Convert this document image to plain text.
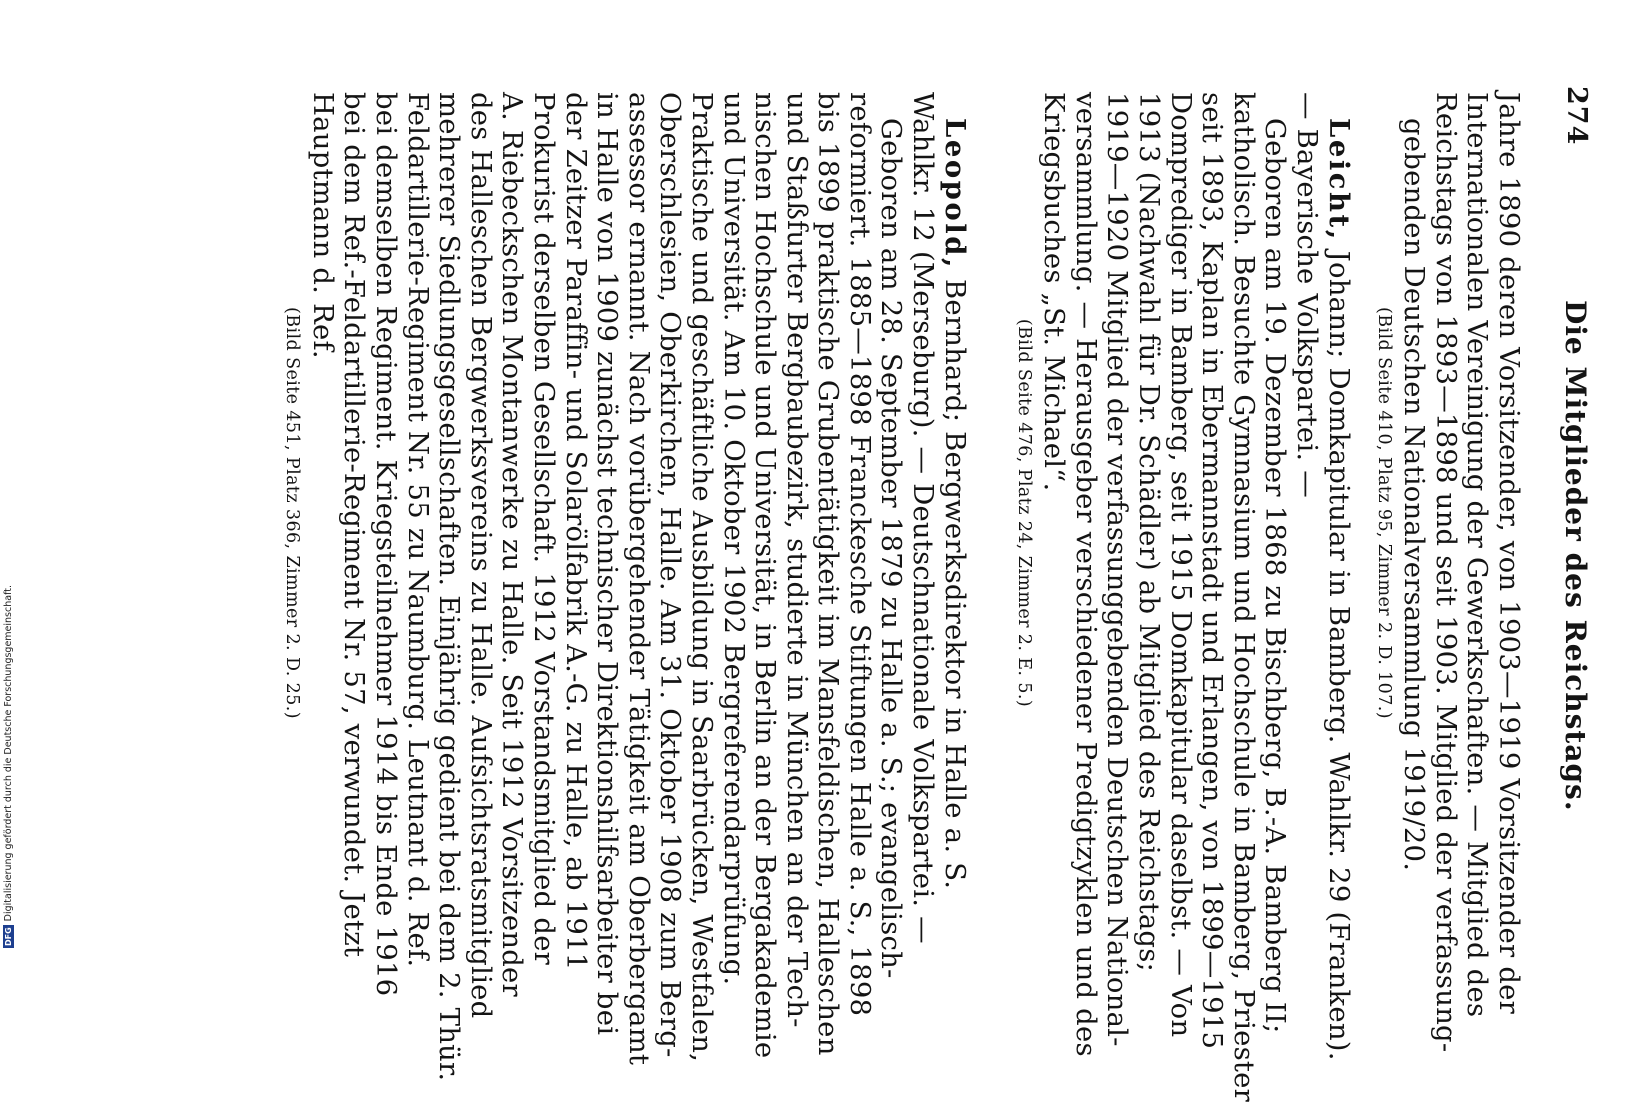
DFGDigitalisierung gefördert durch die Deutsche Forschungsgemeinschaft.
274
Die Mitglieder des Reichstags.
Jahre 1890 deren Vorsitzender, von 1903—1919 Vorsitzender der
Internationalen Vereinigung der Gewerkschaften. — Mitglied des
Reichstags von 1893—1898 und seit 1903. Mitglied der verfassung-
gebenden Deutschen Nationalversammlung 1919/20.
(Bild Seite 410, Platz 95, Zimmer 2. D. 107.)
Leicht, Johann; Domkapitular in Bamberg. Wahlkr. 29 (Franken).
— Bayerische Volkspartei. —
Geboren am 19. Dezember 1868 zu Bischberg, B.-A. Bamberg II;
katholisch. Besuchte Gymnasium und Hochschule in Bamberg, Priester
seit 1893, Kaplan in Ebermannstadt und Erlangen, von 1899—1915
Domprediger in Bamberg, seit 1915 Domkapitular daselbst. — Von
1913 (Nachwahl für Dr. Schädler) ab Mitglied des Reichstags;
1919—1920 Mitglied der verfassunggebenden Deutschen National-
versammlung. — Herausgeber verschiedener Predigtzyklen und des
Kriegsbuches „St. Michael“.
(Bild Seite 476, Platz 24, Zimmer 2. E. 5.)
Leopold, Bernhard; Bergwerksdirektor in Halle a. S.
Wahlkr. 12 (Merseburg). — Deutschnationale Volkspartei. —
Geboren am 28. September 1879 zu Halle a. S.; evangelisch-
reformiert. 1885—1898 Franckesche Stiftungen Halle a. S., 1898
bis 1899 praktische Grubentätigkeit im Mansfeldischen, Halleschen
und Staßfurter Bergbaubezirk, studierte in München an der Tech-
nischen Hochschule und Universität, in Berlin an der Bergakademie
und Universität. Am 10. Oktober 1902 Bergreferendarprüfung.
Praktische und geschäftliche Ausbildung in Saarbrücken, Westfalen,
Oberschlesien, Oberkirchen, Halle. Am 31. Oktober 1908 zum Berg-
assessor ernannt. Nach vorübergehender Tätigkeit am Oberbergamt
in Halle von 1909 zunächst technischer Direktionshilfsarbeiter bei
der Zeitzer Paraffin- und Solarölfabrik A.-G. zu Halle, ab 1911
Prokurist derselben Gesellschaft. 1912 Vorstandsmitglied der
A. Riebeckschen Montanwerke zu Halle. Seit 1912 Vorsitzender
des Halleschen Bergwerksvereins zu Halle. Aufsichtsratsmitglied
mehrerer Siedlungsgesellschaften. Einjährig gedient bei dem 2. Thür.
Feldartillerie-Regiment Nr. 55 zu Naumburg. Leutnant d. Ref.
bei demselben Regiment. Kriegsteilnehmer 1914 bis Ende 1916
bei dem Ref.-Feldartillerie-Regiment Nr. 57, verwundet. Jetzt
Hauptmann d. Ref.
(Bild Seite 451, Platz 366, Zimmer 2. D. 25.)
